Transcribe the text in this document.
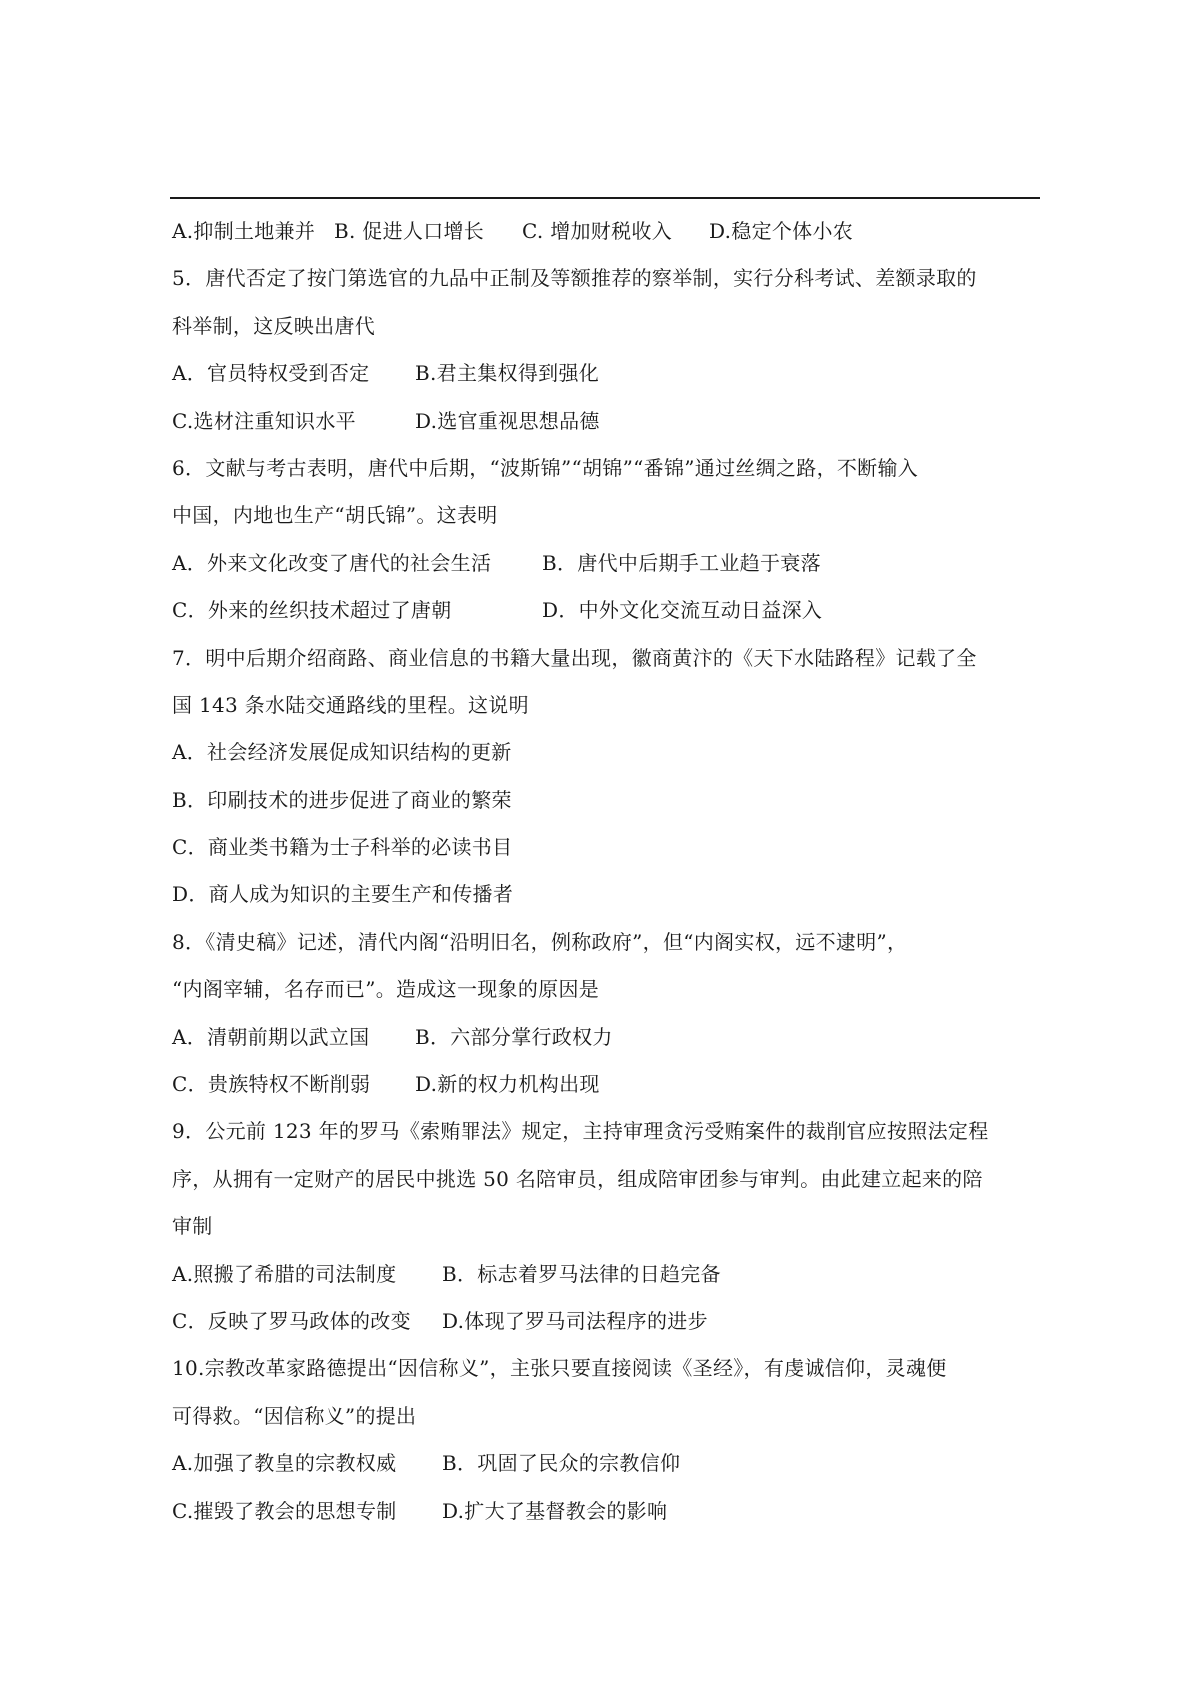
A.抑制土地兼并 B. 促进人口增长 C. 增加财税收入 D.稳定个体小农
5．唐代否定了按门第选官的九品中正制及等额推荐的察举制，实行分科考试、差额录取的
科举制，这反映出唐代
A．官员特权受到否定 B.君主集权得到强化
C.选材注重知识水平	D.选官重视思想品德
6．文献与考古表明，唐代中后期，“波斯锦”“胡锦”“番锦”通过丝绸之路，不断输入
中国，内地也生产“胡氏锦”。这表明
A．外来文化改变了唐代的社会生活	B．唐代中后期手工业趋于衰落
C．外来的丝织技术超过了唐朝	D．中外文化交流互动日益深入
7．明中后期介绍商路、商业信息的书籍大量出现，徽商黄汴的《天下水陆路程》记载了全
国 143 条水陆交通路线的里程。这说明
A．社会经济发展促成知识结构的更新
B．印刷技术的进步促进了商业的繁荣
C．商业类书籍为士子科举的必读书目
D．商人成为知识的主要生产和传播者
8．《清史稿》记述，清代内阁“沿明旧名，例称政府”，但“内阁实权，远不逮明”，
“内阁宰辅，名存而已”。造成这一现象的原因是
A．清朝前期以武立国 B．六部分掌行政权力
C．贵族特权不断削弱 D.新的权力机构出现
9．公元前 123 年的罗马《索贿罪法》规定，主持审理贪污受贿案件的裁削官应按照法定程
序，从拥有一定财产的居民中挑选 50 名陪审员，组成陪审团参与审判。由此建立起来的陪
审制
A.照搬了希腊的司法制度 B．标志着罗马法律的日趋完备
C．反映了罗马政体的改变 D.体现了罗马司法程序的进步
10.宗教改革家路德提出“因信称义”，主张只要直接阅读《圣经》，有虔诚信仰，灵魂便
可得救。“因信称义”的提出
A.加强了教皇的宗教权威 B．巩固了民众的宗教信仰
C.摧毁了教会的思想专制 D.扩大了基督教会的影响
